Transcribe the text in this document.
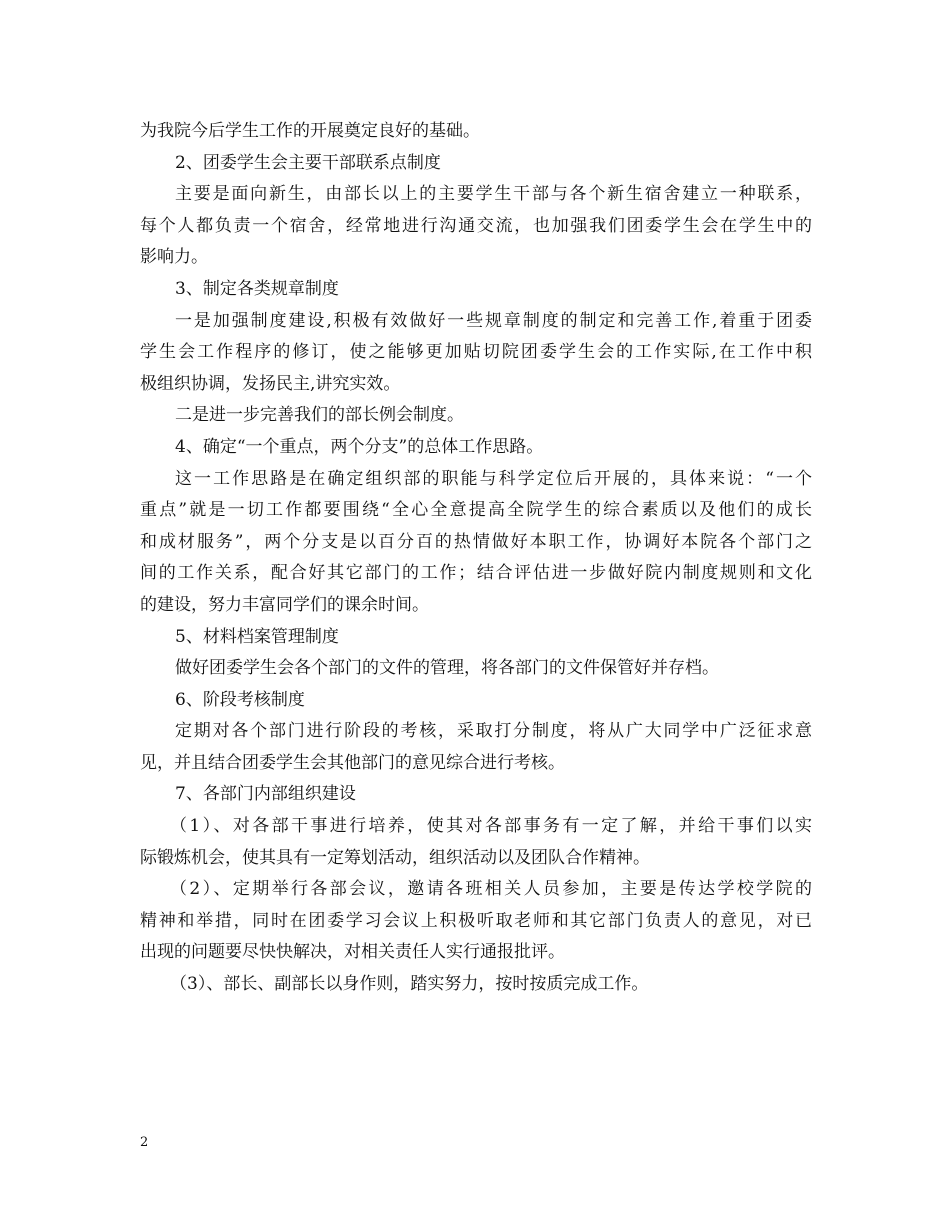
为我院今后学生工作的开展奠定良好的基础。
2、团委学生会主要干部联系点制度
主要是面向新生，由部长以上的主要学生干部与各个新生宿舍建立一种联系，
每个人都负责一个宿舍，经常地进行沟通交流，也加强我们团委学生会在学生中的
影响力。
3、制定各类规章制度
一是加强制度建设,积极有效做好一些规章制度的制定和完善工作,着重于团委
学生会工作程序的修订，使之能够更加贴切院团委学生会的工作实际,在工作中积
极组织协调，发扬民主,讲究实效。
二是进一步完善我们的部长例会制度。
4、确定“一个重点，两个分支”的总体工作思路。
这一工作思路是在确定组织部的职能与科学定位后开展的，具体来说：“一个
重点”就是一切工作都要围绕“全心全意提高全院学生的综合素质以及他们的成长
和成材服务”，两个分支是以百分百的热情做好本职工作，协调好本院各个部门之
间的工作关系，配合好其它部门的工作；结合评估进一步做好院内制度规则和文化
的建设，努力丰富同学们的课余时间。
5、材料档案管理制度
做好团委学生会各个部门的文件的管理，将各部门的文件保管好并存档。
6、阶段考核制度
定期对各个部门进行阶段的考核，采取打分制度，将从广大同学中广泛征求意
见，并且结合团委学生会其他部门的意见综合进行考核。
7、各部门内部组织建设
（1）、对各部干事进行培养，使其对各部事务有一定了解，并给干事们以实
际锻炼机会，使其具有一定筹划活动，组织活动以及团队合作精神。
（2）、定期举行各部会议，邀请各班相关人员参加，主要是传达学校学院的
精神和举措，同时在团委学习会议上积极听取老师和其它部门负责人的意见，对已
出现的问题要尽快快解决，对相关责任人实行通报批评。
（3）、部长、副部长以身作则，踏实努力，按时按质完成工作。
2
